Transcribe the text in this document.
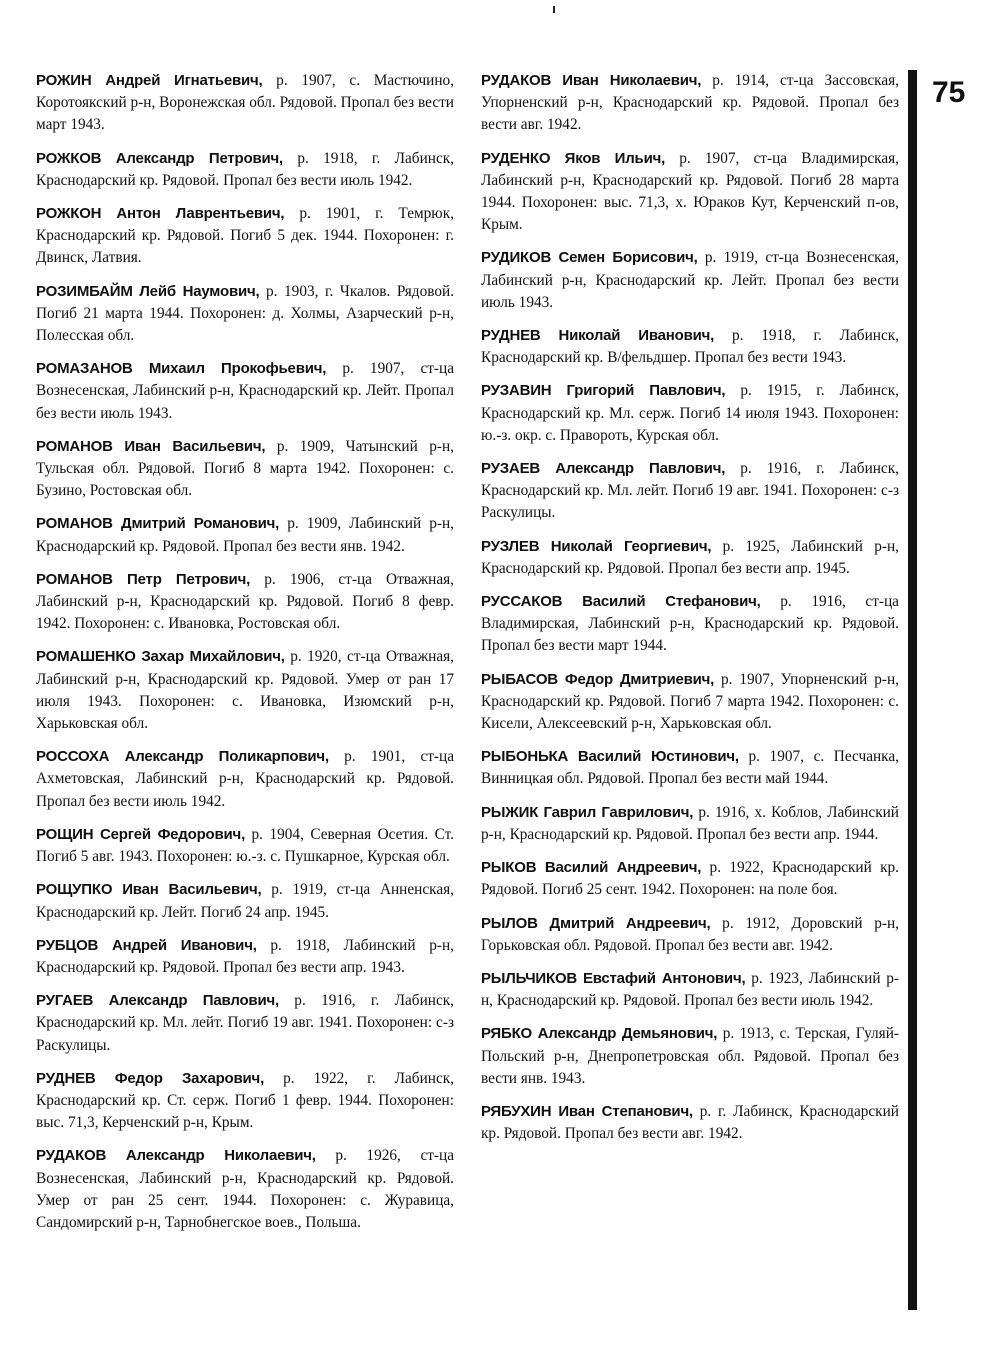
РОЖИН Андрей Игнатьевич, р. 1907, с. Мастючино, Коротоякский р-н, Воронежская обл. Рядовой. Пропал без вести март 1943.

РОЖКОВ Александр Петрович, р. 1918, г. Лабинск, Краснодарский кр. Рядовой. Пропал без вести июль 1942.

РОЖКОН Антон Лаврентьевич, р. 1901, г. Темрюк, Краснодарский кр. Рядовой. Погиб 5 дек. 1944. Похоронен: г. Двинск, Латвия.

РОЗИМБАЙМ Лейб Наумович, р. 1903, г. Чкалов. Рядовой. Погиб 21 марта 1944. Похоронен: д. Холмы, Азарческий р-н, Полесская обл.

РОМАЗАНОВ Михаил Прокофьевич, р. 1907, ст-ца Вознесенская, Лабинский р-н, Краснодарский кр. Лейт. Пропал без вести июль 1943.

РОМАНОВ Иван Васильевич, р. 1909, Чатынский р-н, Тульская обл. Рядовой. Погиб 8 марта 1942. Похоронен: с. Бузино, Ростовская обл.

РОМАНОВ Дмитрий Романович, р. 1909, Лабинский р-н, Краснодарский кр. Рядовой. Пропал без вести янв. 1942.

РОМАНОВ Петр Петрович, р. 1906, ст-ца Отважная, Лабинский р-н, Краснодарский кр. Рядовой. Погиб 8 февр. 1942. Похоронен: с. Ивановка, Ростовская обл.

РОМАШЕНКО Захар Михайлович, р. 1920, ст-ца Отважная, Лабинский р-н, Краснодарский кр. Рядовой. Умер от ран 17 июля 1943. Похоронен: с. Ивановка, Изюмский р-н, Харьковская обл.

РОССОХА Александр Поликарпович, р. 1901, ст-ца Ахметовская, Лабинский р-н, Краснодарский кр. Рядовой. Пропал без вести июль 1942.

РОЩИН Сергей Федорович, р. 1904, Северная Осетия. Ст. Погиб 5 авг. 1943. Похоронен: ю.-з. с. Пушкарное, Курская обл.

РОЩУПКО Иван Васильевич, р. 1919, ст-ца Анненская, Краснодарский кр. Лейт. Погиб 24 апр. 1945.

РУБЦОВ Андрей Иванович, р. 1918, Лабинский р-н, Краснодарский кр. Рядовой. Пропал без вести апр. 1943.

РУГАЕВ Александр Павлович, р. 1916, г. Лабинск, Краснодарский кр. Мл. лейт. Погиб 19 авг. 1941. Похоронен: с-з Раскулицы.

РУДНЕВ Федор Захарович, р. 1922, г. Лабинск, Краснодарский кр. Ст. серж. Погиб 1 февр. 1944. Похоронен: выс. 71,3, Керченский р-н, Крым.

РУДАКОВ Александр Николаевич, р. 1926, ст-ца Вознесенская, Лабинский р-н, Краснодарский кр. Рядовой. Умер от ран 25 сент. 1944. Похоронен: с. Журавица, Сандомирский р-н, Тарнобнегское воев., Польша.

РУДАКОВ Иван Николаевич, р. 1914, ст-ца Зассовская, Упорненский р-н, Краснодарский кр. Рядовой. Пропал без вести авг. 1942.

РУДЕНКО Яков Ильич, р. 1907, ст-ца Владимирская, Лабинский р-н, Краснодарский кр. Рядовой. Погиб 28 марта 1944. Похоронен: выс. 71,3, х. Юраков Кут, Керченский п-ов, Крым.

РУДИКОВ Семен Борисович, р. 1919, ст-ца Вознесенская, Лабинский р-н, Краснодарский кр. Лейт. Пропал без вести июль 1943.

РУДНЕВ Николай Иванович, р. 1918, г. Лабинск, Краснодарский кр. В/фельдшер. Пропал без вести 1943.

РУЗАВИН Григорий Павлович, р. 1915, г. Лабинск, Краснодарский кр. Мл. серж. Погиб 14 июля 1943. Похоронен: ю.-з. окр. с. Правороть, Курская обл.

РУЗАЕВ Александр Павлович, р. 1916, г. Лабинск, Краснодарский кр. Мл. лейт. Погиб 19 авг. 1941. Похоронен: с-з Раскулицы.

РУЗЛЕВ Николай Георгиевич, р. 1925, Лабинский р-н, Краснодарский кр. Рядовой. Пропал без вести апр. 1945.

РУССАКОВ Василий Стефанович, р. 1916, ст-ца Владимирская, Лабинский р-н, Краснодарский кр. Рядовой. Пропал без вести март 1944.

РЫБАСОВ Федор Дмитриевич, р. 1907, Упорненский р-н, Краснодарский кр. Рядовой. Погиб 7 марта 1942. Похоронен: с. Кисели, Алексеевский р-н, Харьковская обл.

РЫБОНЬКА Василий Юстинович, р. 1907, с. Песчанка, Винницкая обл. Рядовой. Пропал без вести май 1944.

РЫЖИК Гаврил Гаврилович, р. 1916, х. Коблов, Лабинский р-н, Краснодарский кр. Рядовой. Пропал без вести апр. 1944.

РЫКОВ Василий Андреевич, р. 1922, Краснодарский кр. Рядовой. Погиб 25 сент. 1942. Похоронен: на поле боя.

РЫЛОВ Дмитрий Андреевич, р. 1912, Доровский р-н, Горьковская обл. Рядовой. Пропал без вести авг. 1942.

РЫЛЬЧИКОВ Евстафий Антонович, р. 1923, Лабинский р-н, Краснодарский кр. Рядовой. Пропал без вести июль 1942.

РЯБКО Александр Демьянович, р. 1913, с. Терская, Гуляй-Польский р-н, Днепропетровская обл. Рядовой. Пропал без вести янв. 1943.

РЯБУХИН Иван Степанович, р. г. Лабинск, Краснодарский кр. Рядовой. Пропал без вести авг. 1942.

75
